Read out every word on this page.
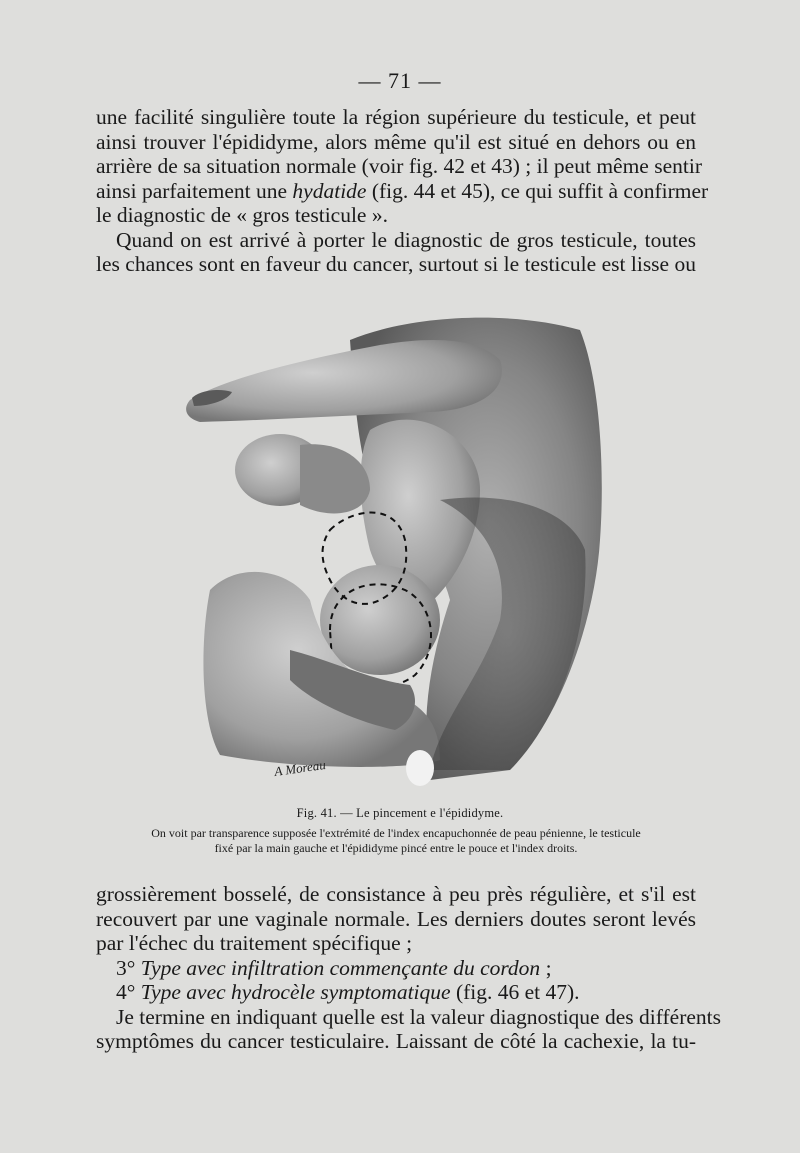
— 71 —
une facilité singulière toute la région supérieure du testicule, et peut
ainsi trouver l'épididyme, alors même qu'il est situé en dehors ou en
arrière de sa situation normale (voir fig. 42 et 43) ; il peut même sentir
ainsi parfaitement une hydatide (fig. 44 et 45), ce qui suffit à confirmer
le diagnostic de « gros testicule ».
Quand on est arrivé à porter le diagnostic de gros testicule, toutes
les chances sont en faveur du cancer, surtout si le testicule est lisse ou
A Moreau
Fig. 41. — Le pincement e l'épididyme.
On voit par transparence supposée l'extrémité de l'index encapuchonnée de peau pénienne, le testicule
fixé par la main gauche et l'épididyme pincé entre le pouce et l'index droits.
grossièrement bosselé, de consistance à peu près régulière, et s'il est
recouvert par une vaginale normale. Les derniers doutes seront levés
par l'échec du traitement spécifique ;
3° Type avec infiltration commençante du cordon ;
4° Type avec hydrocèle symptomatique (fig. 46 et 47).
Je termine en indiquant quelle est la valeur diagnostique des différents
symptômes du cancer testiculaire. Laissant de côté la cachexie, la tu-
